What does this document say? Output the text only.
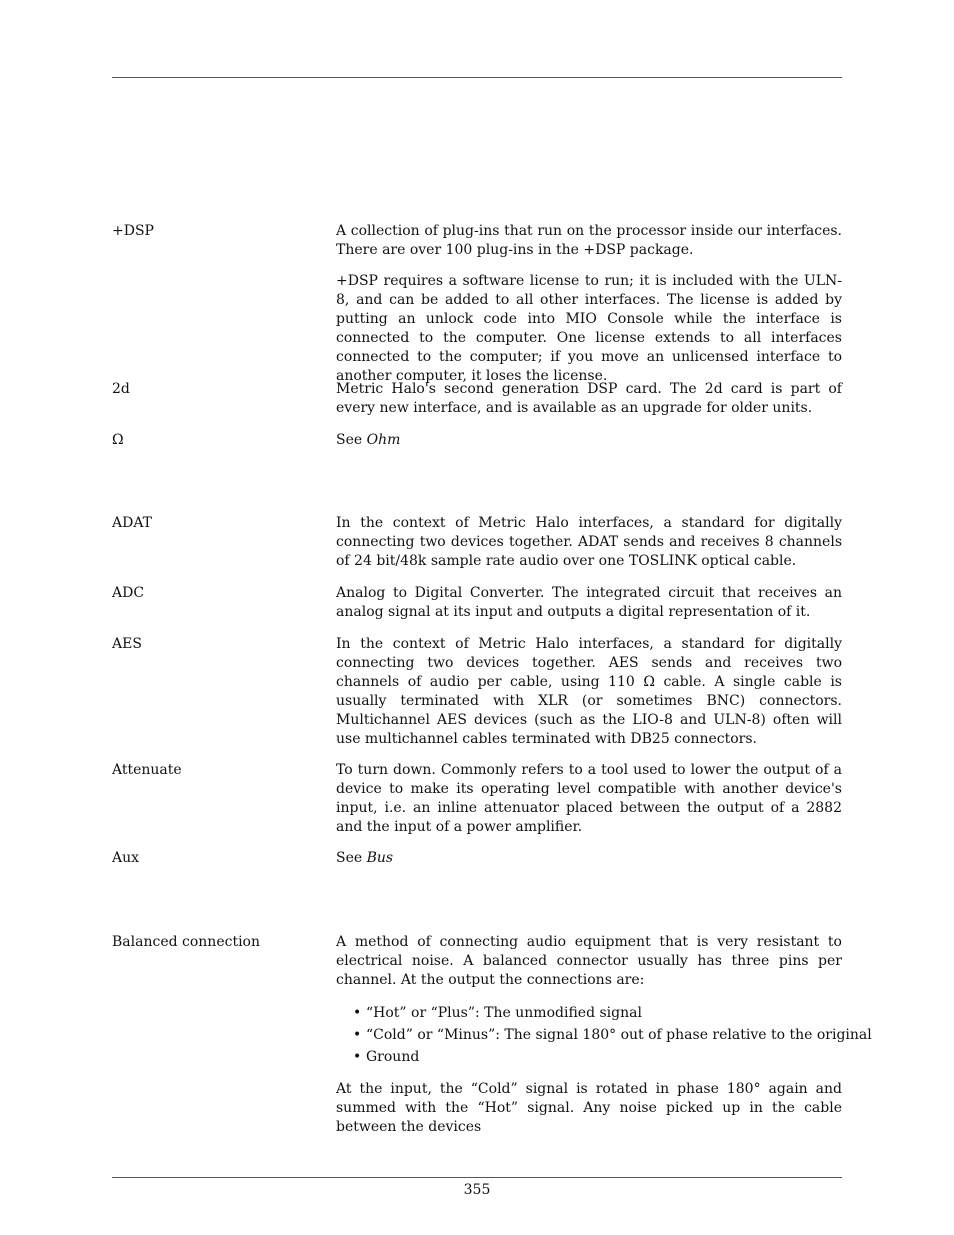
+DSP	A collection of plug-ins that run on the processor inside our interfaces. There are over 100 plug-ins in the +DSP package.

+DSP requires a software license to run; it is included with the ULN-8, and can be added to all other interfaces. The license is added by putting an unlock code into MIO Console while the interface is connected to the computer. One license extends to all interfaces connected to the computer; if you move an unlicensed interface to another computer, it loses the license.

2d	Metric Halo's second generation DSP card. The 2d card is part of every new interface, and is available as an upgrade for older units.

Ω	See Ohm

ADAT	In the context of Metric Halo interfaces, a standard for digitally connecting two devices together. ADAT sends and receives 8 channels of 24 bit/48k sample rate audio over one TOSLINK optical cable.

ADC	Analog to Digital Converter. The integrated circuit that receives an analog signal at its input and outputs a digital representation of it.

AES	In the context of Metric Halo interfaces, a standard for digitally connecting two devices together. AES sends and receives two channels of audio per cable, using 110 Ω cable. A single cable is usually terminated with XLR (or sometimes BNC) connectors. Multichannel AES devices (such as the LIO-8 and ULN-8) often will use multichannel cables terminated with DB25 connectors.

Attenuate	To turn down. Commonly refers to a tool used to lower the output of a device to make its operating level compatible with another device's input, i.e. an inline attenuator placed between the output of a 2882 and the input of a power amplifier.

Aux	See Bus

Balanced connection	A method of connecting audio equipment that is very resistant to electrical noise. A balanced connector usually has three pins per channel. At the output the connections are:

• “Hot” or “Plus”: The unmodified signal
• “Cold” or “Minus”: The signal 180° out of phase relative to the original
• Ground

At the input, the “Cold” signal is rotated in phase 180° again and summed with the “Hot” signal. Any noise picked up in the cable between the devices

355
